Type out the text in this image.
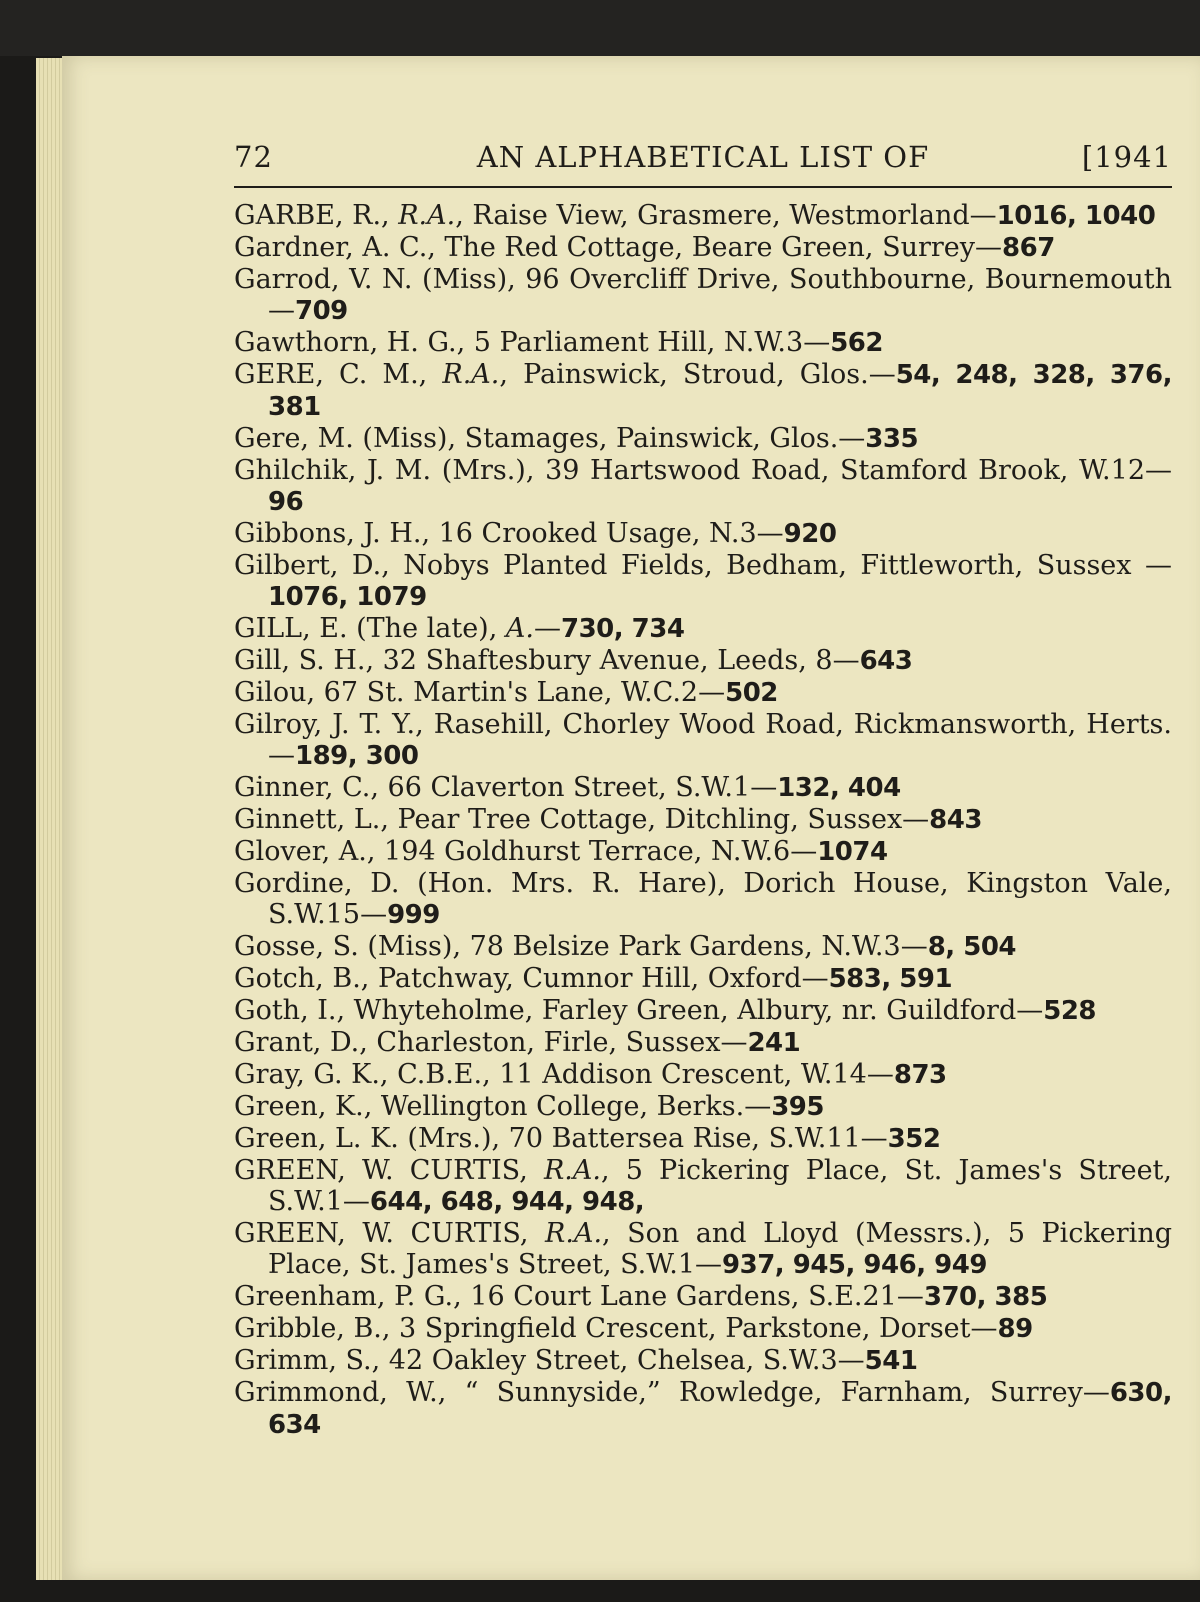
72	AN ALPHABETICAL LIST OF	[1941
GARBE, R., R.A., Raise View, Grasmere, Westmorland — 1016, 1040
Gardner, A. C., The Red Cottage, Beare Green, Surrey — 867
Garrod, V. N. (Miss), 96 Overcliff Drive, Southbourne, Bournemouth— 709
Gawthorn, H. G., 5 Parliament Hill, N.W.3 — 562
GERE, C. M., R.A., Painswick, Stroud, Glos. — 54, 248, 328, 376, 381
Gere, M. (Miss), Stamages, Painswick, Glos. — 335
Ghilchik, J. M. (Mrs.), 39 Hartswood Road, Stamford Brook, W.12— 96
Gibbons, J. H., 16 Crooked Usage, N.3 — 920
Gilbert, D., Nobys Planted Fields, Bedham, Fittleworth, Sussex — 1076, 1079
GILL, E. (The late), A. — 730, 734
Gill, S. H., 32 Shaftesbury Avenue, Leeds, 8 — 643
Gilou, 67 St. Martin's Lane, W.C.2 — 502
Gilroy, J. T. Y., Rasehill, Chorley Wood Road, Rickmansworth, Herts.— 189, 300
Ginner, C., 66 Claverton Street, S.W.1 — 132, 404
Ginnett, L., Pear Tree Cottage, Ditchling, Sussex — 843
Glover, A., 194 Goldhurst Terrace, N.W.6 — 1074
Gordine, D. (Hon. Mrs. R. Hare), Dorich House, Kingston Vale, S.W.15 — 999
Gosse, S. (Miss), 78 Belsize Park Gardens, N.W.3 — 8, 504
Gotch, B., Patchway, Cumnor Hill, Oxford — 583, 591
Goth, I., Whyteholme, Farley Green, Albury, nr. Guildford — 528
Grant, D., Charleston, Firle, Sussex — 241
Gray, G. K., C.B.E., 11 Addison Crescent, W.14 — 873
Green, K., Wellington College, Berks. — 395
Green, L. K. (Mrs.), 70 Battersea Rise, S.W.11 — 352
GREEN, W. CURTIS, R.A., 5 Pickering Place, St. James's Street, S.W.1 — 644, 648, 944, 948,
GREEN, W. CURTIS, R.A., Son and Lloyd (Messrs.), 5 Pickering Place, St. James's Street, S.W.1 — 937, 945, 946, 949
Greenham, P. G., 16 Court Lane Gardens, S.E.21 — 370, 385
Gribble, B., 3 Springfield Crescent, Parkstone, Dorset — 89
Grimm, S., 42 Oakley Street, Chelsea, S.W.3 — 541
Grimmond, W., “ Sunnyside,” Rowledge, Farnham, Surrey — 630, 634
